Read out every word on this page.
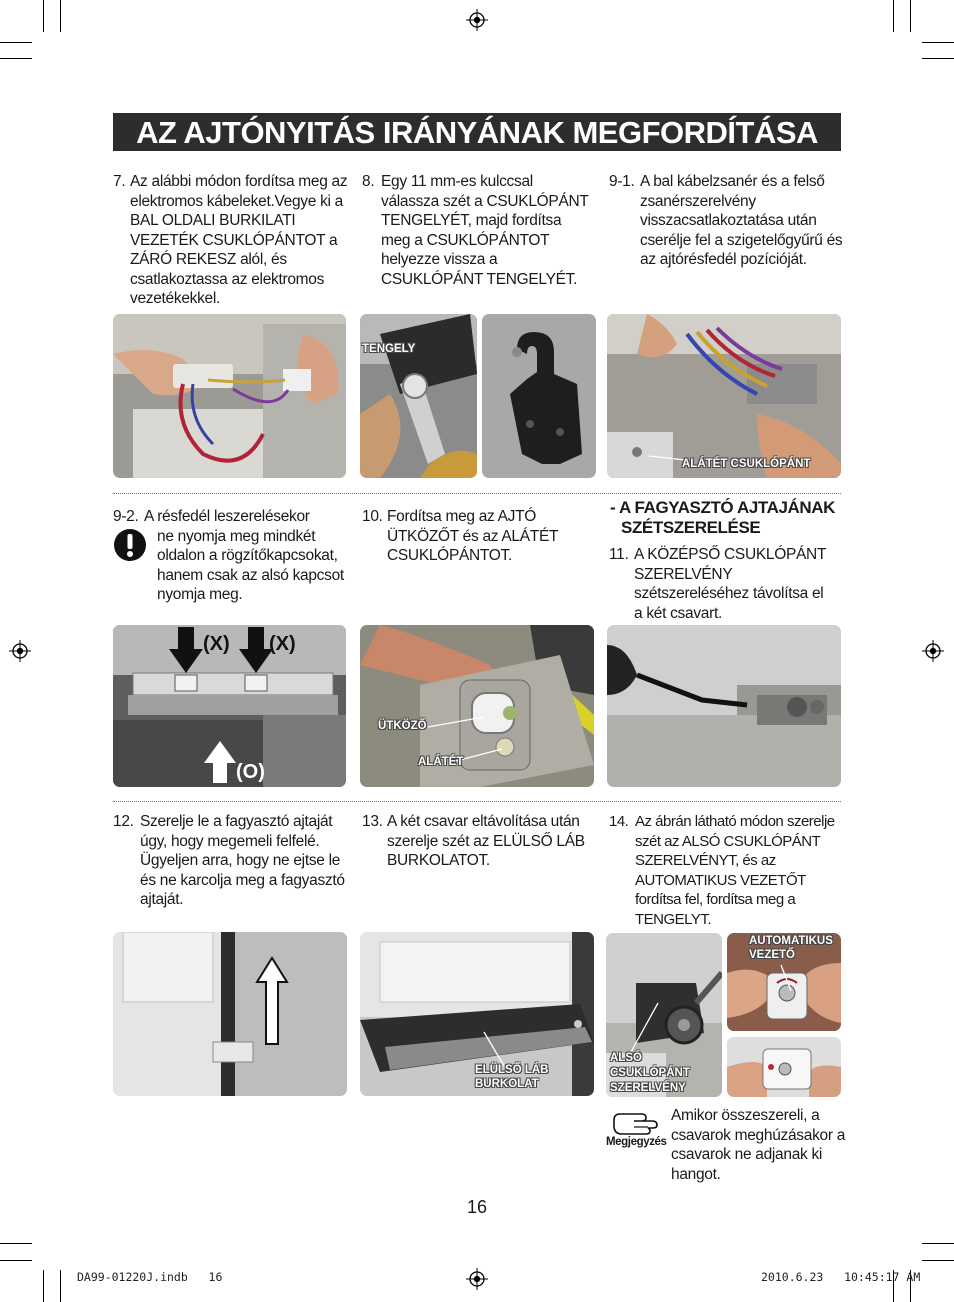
AZ AJTÓNYITÁS IRÁNYÁNAK MEGFORDÍTÁSA
7. Az alábbi módon fordítsa meg az elektromos kábeleket.Vegye ki a BAL OLDALI BURKILATI VEZETÉK CSUKLÓPÁNTOT a ZÁRÓ REKESZ alól, és csatlakoztassa az elektromos vezetékekkel.
8. Egy 11 mm-es kulccsal válassza szét a CSUKLÓPÁNT TENGELYÉT, majd fordítsa meg a CSUKLÓPÁNTOT helyezze vissza a CSUKLÓPÁNT TENGELYÉT.
9-1. A bal kábelzsanér és a felső zsanérszerelvény visszacsatlakoztatása után cserélje fel a szigetelőgyűrű és az ajtórésfedél pozícióját.
TENGELY
ALÁTÉT CSUKLÓPÁNT
9-2. A résfedél leszerelésekor
ne nyomja meg mindkét oldalon a rögzítőkapcsokat, hanem csak az alsó kapcsot nyomja meg.
10. Fordítsa meg az AJTÓ ÜTKÖZŐT és az ALÁTÉT CSUKLÓPÁNTOT.
- A FAGYASZTÓ AJTAJÁNAK
SZÉTSZERELÉSE
11. A KÖZÉPSŐ CSUKLÓPÁNT SZERELVÉNY szétszereléséhez távolítsa el a két csavart.
(X) (X)
(O)
ÜTKÖZŐ
ALÁTÉT
12. Szerelje le a fagyasztó ajtaját úgy, hogy megemeli felfelé. Ügyeljen arra, hogy ne ejtse le és ne karcolja meg a fagyasztó ajtaját.
13. A két csavar eltávolítása után szerelje szét az ELÜLSŐ LÁB BURKOLATOT.
14. Az ábrán látható módon szerelje szét az ALSÓ CSUKLÓPÁNT SZERELVÉNYT, és az AUTOMATIKUS VEZETŐT fordítsa fel, fordítsa meg a TENGELYT.
ELÜLSŐ LÁB
BURKOLAT
ALSÓ
CSUKLÓPÁNT
SZERELVÉNY
AUTOMATIKUS
VEZETŐ
Megjegyzés
Amikor összeszereli, a csavarok meghúzásakor a csavarok ne adjanak ki hangot.
16
DA99-01220J.indb   16	2010.6.23   10:45:17 AM
